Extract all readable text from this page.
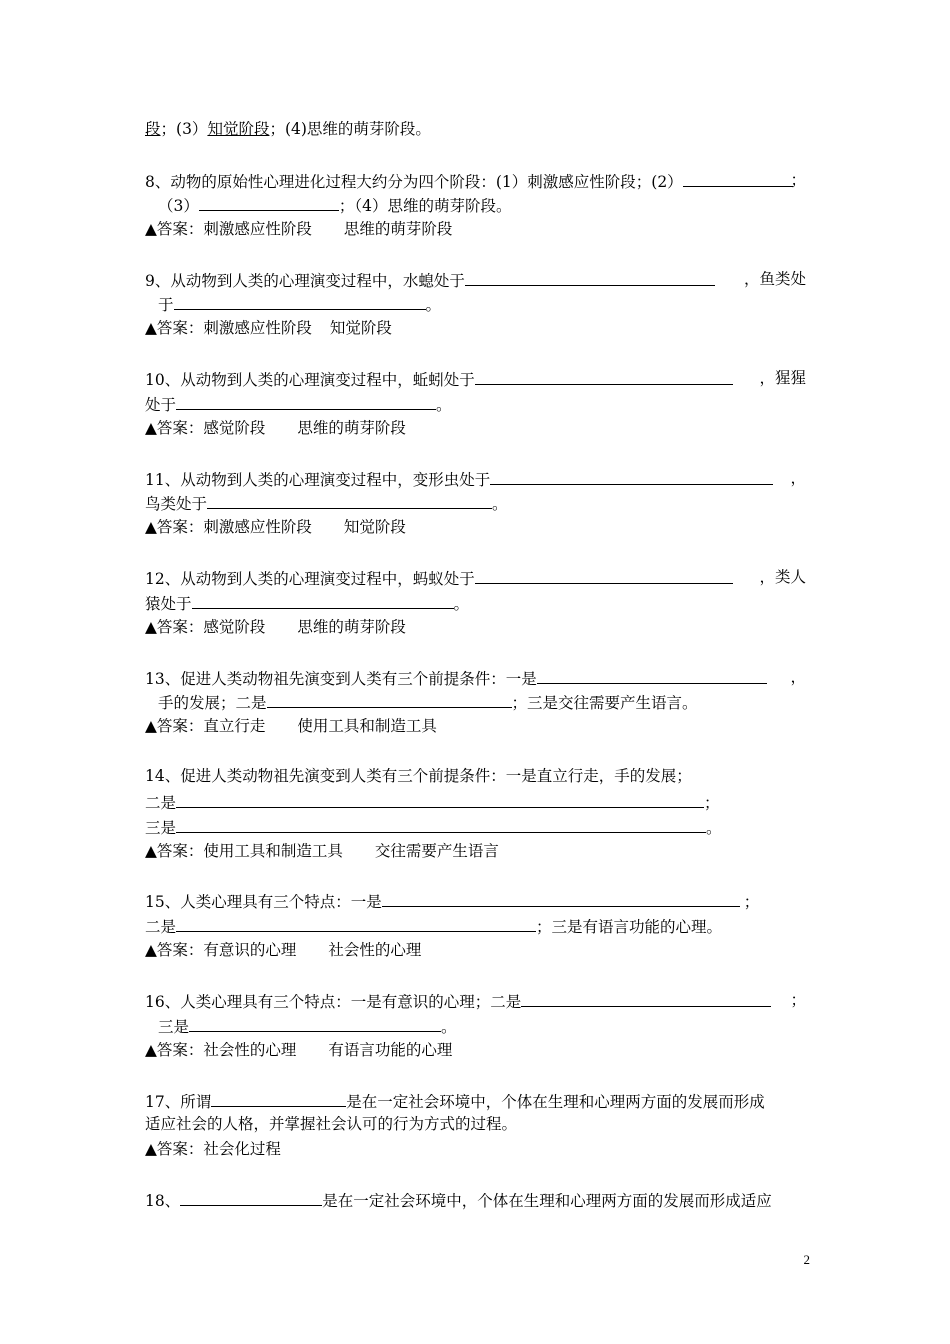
段；(3）知觉阶段；(4)思维的萌芽阶段。
8、动物的原始性心理进化过程大约分为四个阶段：(1）刺激感应性阶段；(2）	；
（3）	；（4）思维的萌芽阶段。
▲答案：刺激感应性阶段 思维的萌芽阶段
9、从动物到人类的心理演变过程中，水螅处于	，鱼类处
于	。
▲答案：刺激感应性阶段 知觉阶段
10、从动物到人类的心理演变过程中，蚯蚓处于	，猩猩
处于	。
▲答案：感觉阶段 思维的萌芽阶段
11、从动物到人类的心理演变过程中，变形虫处于	，
鸟类处于	。
▲答案：刺激感应性阶段 知觉阶段
12、从动物到人类的心理演变过程中，蚂蚁处于	，类人
猿处于	。
▲答案：感觉阶段 思维的萌芽阶段
13、促进人类动物祖先演变到人类有三个前提条件：一是	，
手的发展；二是	；三是交往需要产生语言。
▲答案：直立行走 使用工具和制造工具
14、促进人类动物祖先演变到人类有三个前提条件：一是直立行走，手的发展；
二是	；
三是	。
▲答案：使用工具和制造工具 交往需要产生语言
15、人类心理具有三个特点：一是	；
二是	；三是有语言功能的心理。
▲答案：有意识的心理 社会性的心理
16、人类心理具有三个特点：一是有意识的心理；二是	；
三是	。
▲答案：社会性的心理 有语言功能的心理
17、所谓	是在一定社会环境中，个体在生理和心理两方面的发展而形成
适应社会的人格，并掌握社会认可的行为方式的过程。
▲答案：社会化过程
18、	是在一定社会环境中，个体在生理和心理两方面的发展而形成适应
2
